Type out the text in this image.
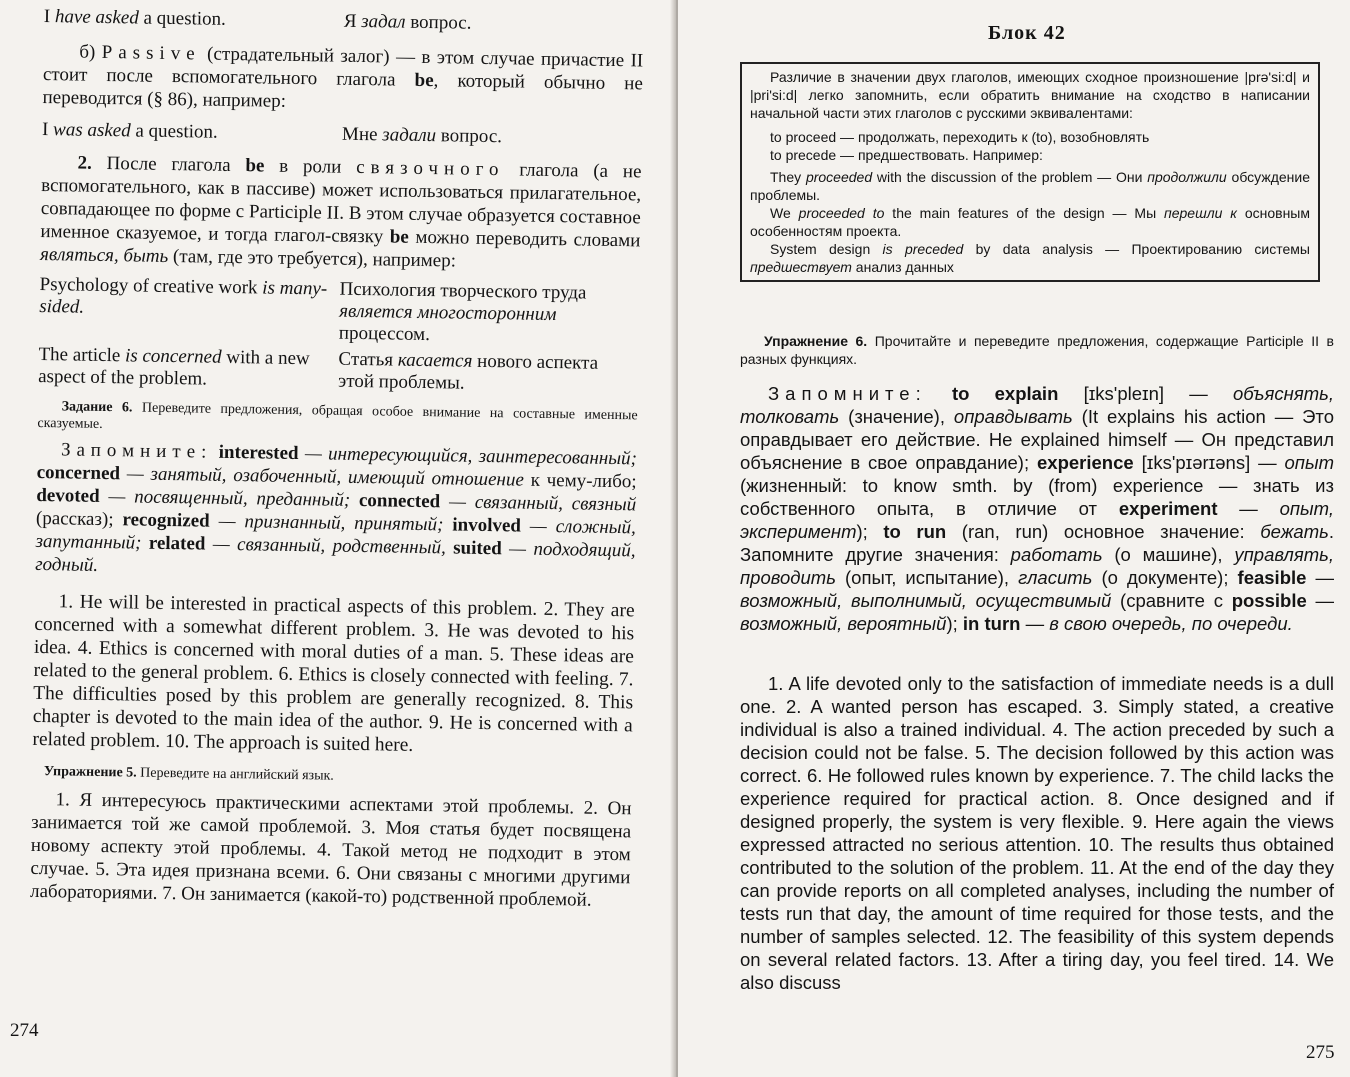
I have asked a question.	Я задал вопрос.

б) Passive (страдательный залог) — в этом случае причастие II стоит после вспомогательного глагола be, который обычно не переводится (§ 86), например:

I was asked a question.	Мне задали вопрос.

2. После глагола be в роли связочного глагола (а не вспомогательного, как в пассиве) может использоваться прилагательное, совпадающее по форме с Participle II. В этом случае образуется составное именное сказуемое, и тогда глагол-связку be можно переводить словами являться, быть (там, где это требуется), например:

Psychology of creative work is many-sided.
Психология творческого труда является многосторонним процессом.
The article is concerned with a new aspect of the problem.
Статья касается нового аспекта этой проблемы.

Задание 6. Переведите предложения, обращая особое внимание на составные именные сказуемые.

Запомните: interested — интересующийся, заинтересованный; concerned — занятый, озабоченный, имеющий отношение к чему-либо; devoted — посвященный, преданный; connected — связанный, связный (рассказ); recognized — признанный, принятый; involved — сложный, запутанный; related — связанный, родственный, suited — подходящий, годный.

1. He will be interested in practical aspects of this problem. 2. They are concerned with a somewhat different problem. 3. He was devoted to his idea. 4. Ethics is concerned with moral duties of a man. 5. These ideas are related to the general problem. 6. Ethics is closely connected with feeling. 7. The difficulties posed by this problem are generally recognized. 8. This chapter is devoted to the main idea of the author. 9. He is concerned with a related problem. 10. The approach is suited here.

Упражнение 5. Переведите на английский язык.

1. Я интересуюсь практическими аспектами этой проблемы. 2. Он занимается той же самой проблемой. 3. Моя статья будет посвящена новому аспекту этой проблемы. 4. Такой метод не подходит в этом случае. 5. Эта идея признана всеми. 6. Они связаны с многими другими лабораториями. 7. Он занимается (какой-то) родственной проблемой.

274
Блок 42

Различие в значении двух глаголов, имеющих сходное произношение |prə'si:d| и |pri'si:d| легко запомнить, если обратить внимание на сходство в написании начальной части этих глаголов с русскими эквивалентами:

to proceed — продолжать, переходить к (to), возобновлять

to precede — предшествовать. Например:

They proceeded with the discussion of the problem — Они продолжили обсуждение проблемы.

We proceeded to the main features of the design — Мы перешли к основным особенностям проекта.

System design is preceded by data analysis — Проектированию системы предшествует анализ данных

Упражнение 6. Прочитайте и переведите предложения, содержащие Participle II в разных функциях.

Запомните: to explain [ɪks'pleɪn] — объяснять, толковать (значение), оправдывать (It explains his action — Это оправдывает его действие. He explained himself — Он представил объяснение в свое оправдание); experience [ɪks'pɪərɪəns] — опыт (жизненный: to know smth. by (from) experience — знать из собственного опыта, в отличие от experiment — опыт, эксперимент); to run (ran, run) основное значение: бежать. Запомните другие значения: работать (о машине), управлять, проводить (опыт, испытание), гласить (о документе); feasible — возможный, выполнимый, осуществимый (сравните с possible — возможный, вероятный); in turn — в свою очередь, по очереди.

1. A life devoted only to the satisfaction of immediate needs is a dull one. 2. A wanted person has escaped. 3. Simply stated, a creative individual is also a trained individual. 4. The action preceded by such a decision could not be false. 5. The decision followed by this action was correct. 6. He followed rules known by experience. 7. The child lacks the experience required for practical action. 8. Once designed and if designed properly, the system is very flexible. 9. Here again the views expressed attracted no serious attention. 10. The results thus obtained contributed to the solution of the problem. 11. At the end of the day they can provide reports on all completed analyses, including the number of tests run that day, the amount of time required for those tests, and the number of samples selected. 12. The feasibility of this system depends on several related factors. 13. After a tiring day, you feel tired. 14. We also discuss

275
